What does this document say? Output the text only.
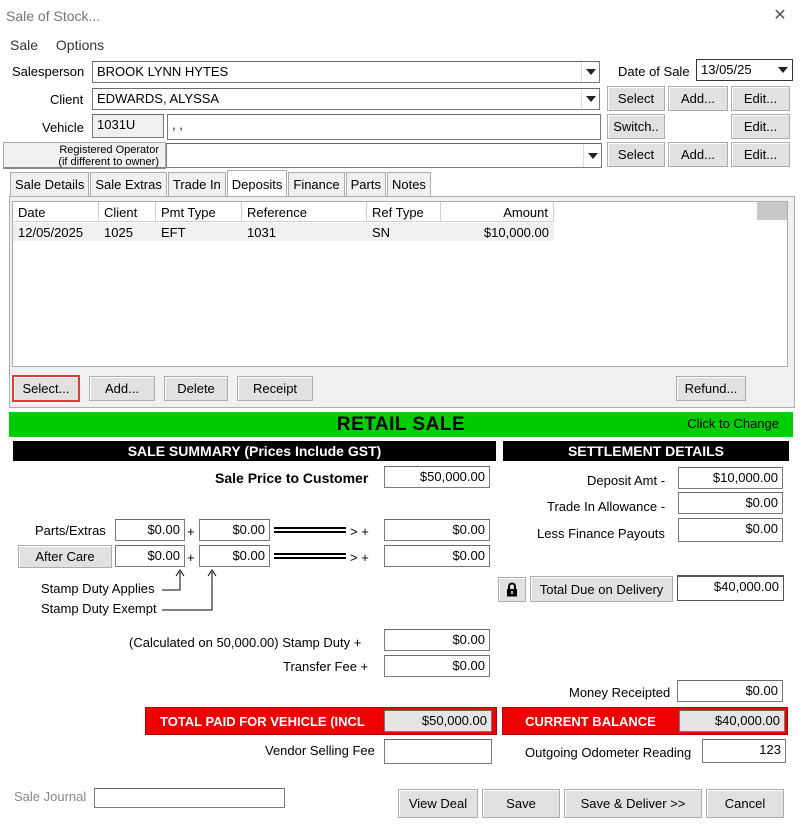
Sale of Stock...	✕
Sale Options
Salesperson BROOK LYNN HYTES	Date of Sale 13/05/25
Client	EDWARDS, ALYSSA	Select	Add...	Edit...
Vehicle	1031U	, ,	Switch..	Edit...
Registered Operator
(if different to owner)	Select	Add...	Edit...
Sale Details Sale Extras Trade In Deposits Finance Parts Notes
Date	Client	Pmt Type	Reference	Ref Type	Amount
12/05/2025	1025	EFT	1031	SN	$10,000.00
Select...	Add...	Delete	Receipt	Refund...
RETAIL SALE	Click to Change
SALE SUMMARY (Prices Include GST)	SETTLEMENT DETAILS
Sale Price to Customer	$50,000.00
Parts/Extras	$0.00 +	$0.00	> +	$0.00
After Care	$0.00 +	$0.00	> +	$0.00
Stamp Duty Applies
Stamp Duty Exempt
(Calculated on 50,000.00) Stamp Duty +	$0.00
Transfer Fee +	$0.00
TOTAL PAID FOR VEHICLE (INCL	$50,000.00
Vendor Selling Fee
Deposit Amt -	$10,000.00
Trade In Allowance -	$0.00
Less Finance Payouts	$0.00
Total Due on Delivery	$40,000.00
Money Receipted	$0.00
CURRENT BALANCE	$40,000.00
Outgoing Odometer Reading	123
Sale Journal	View Deal	Save	Save & Deliver >>	Cancel
